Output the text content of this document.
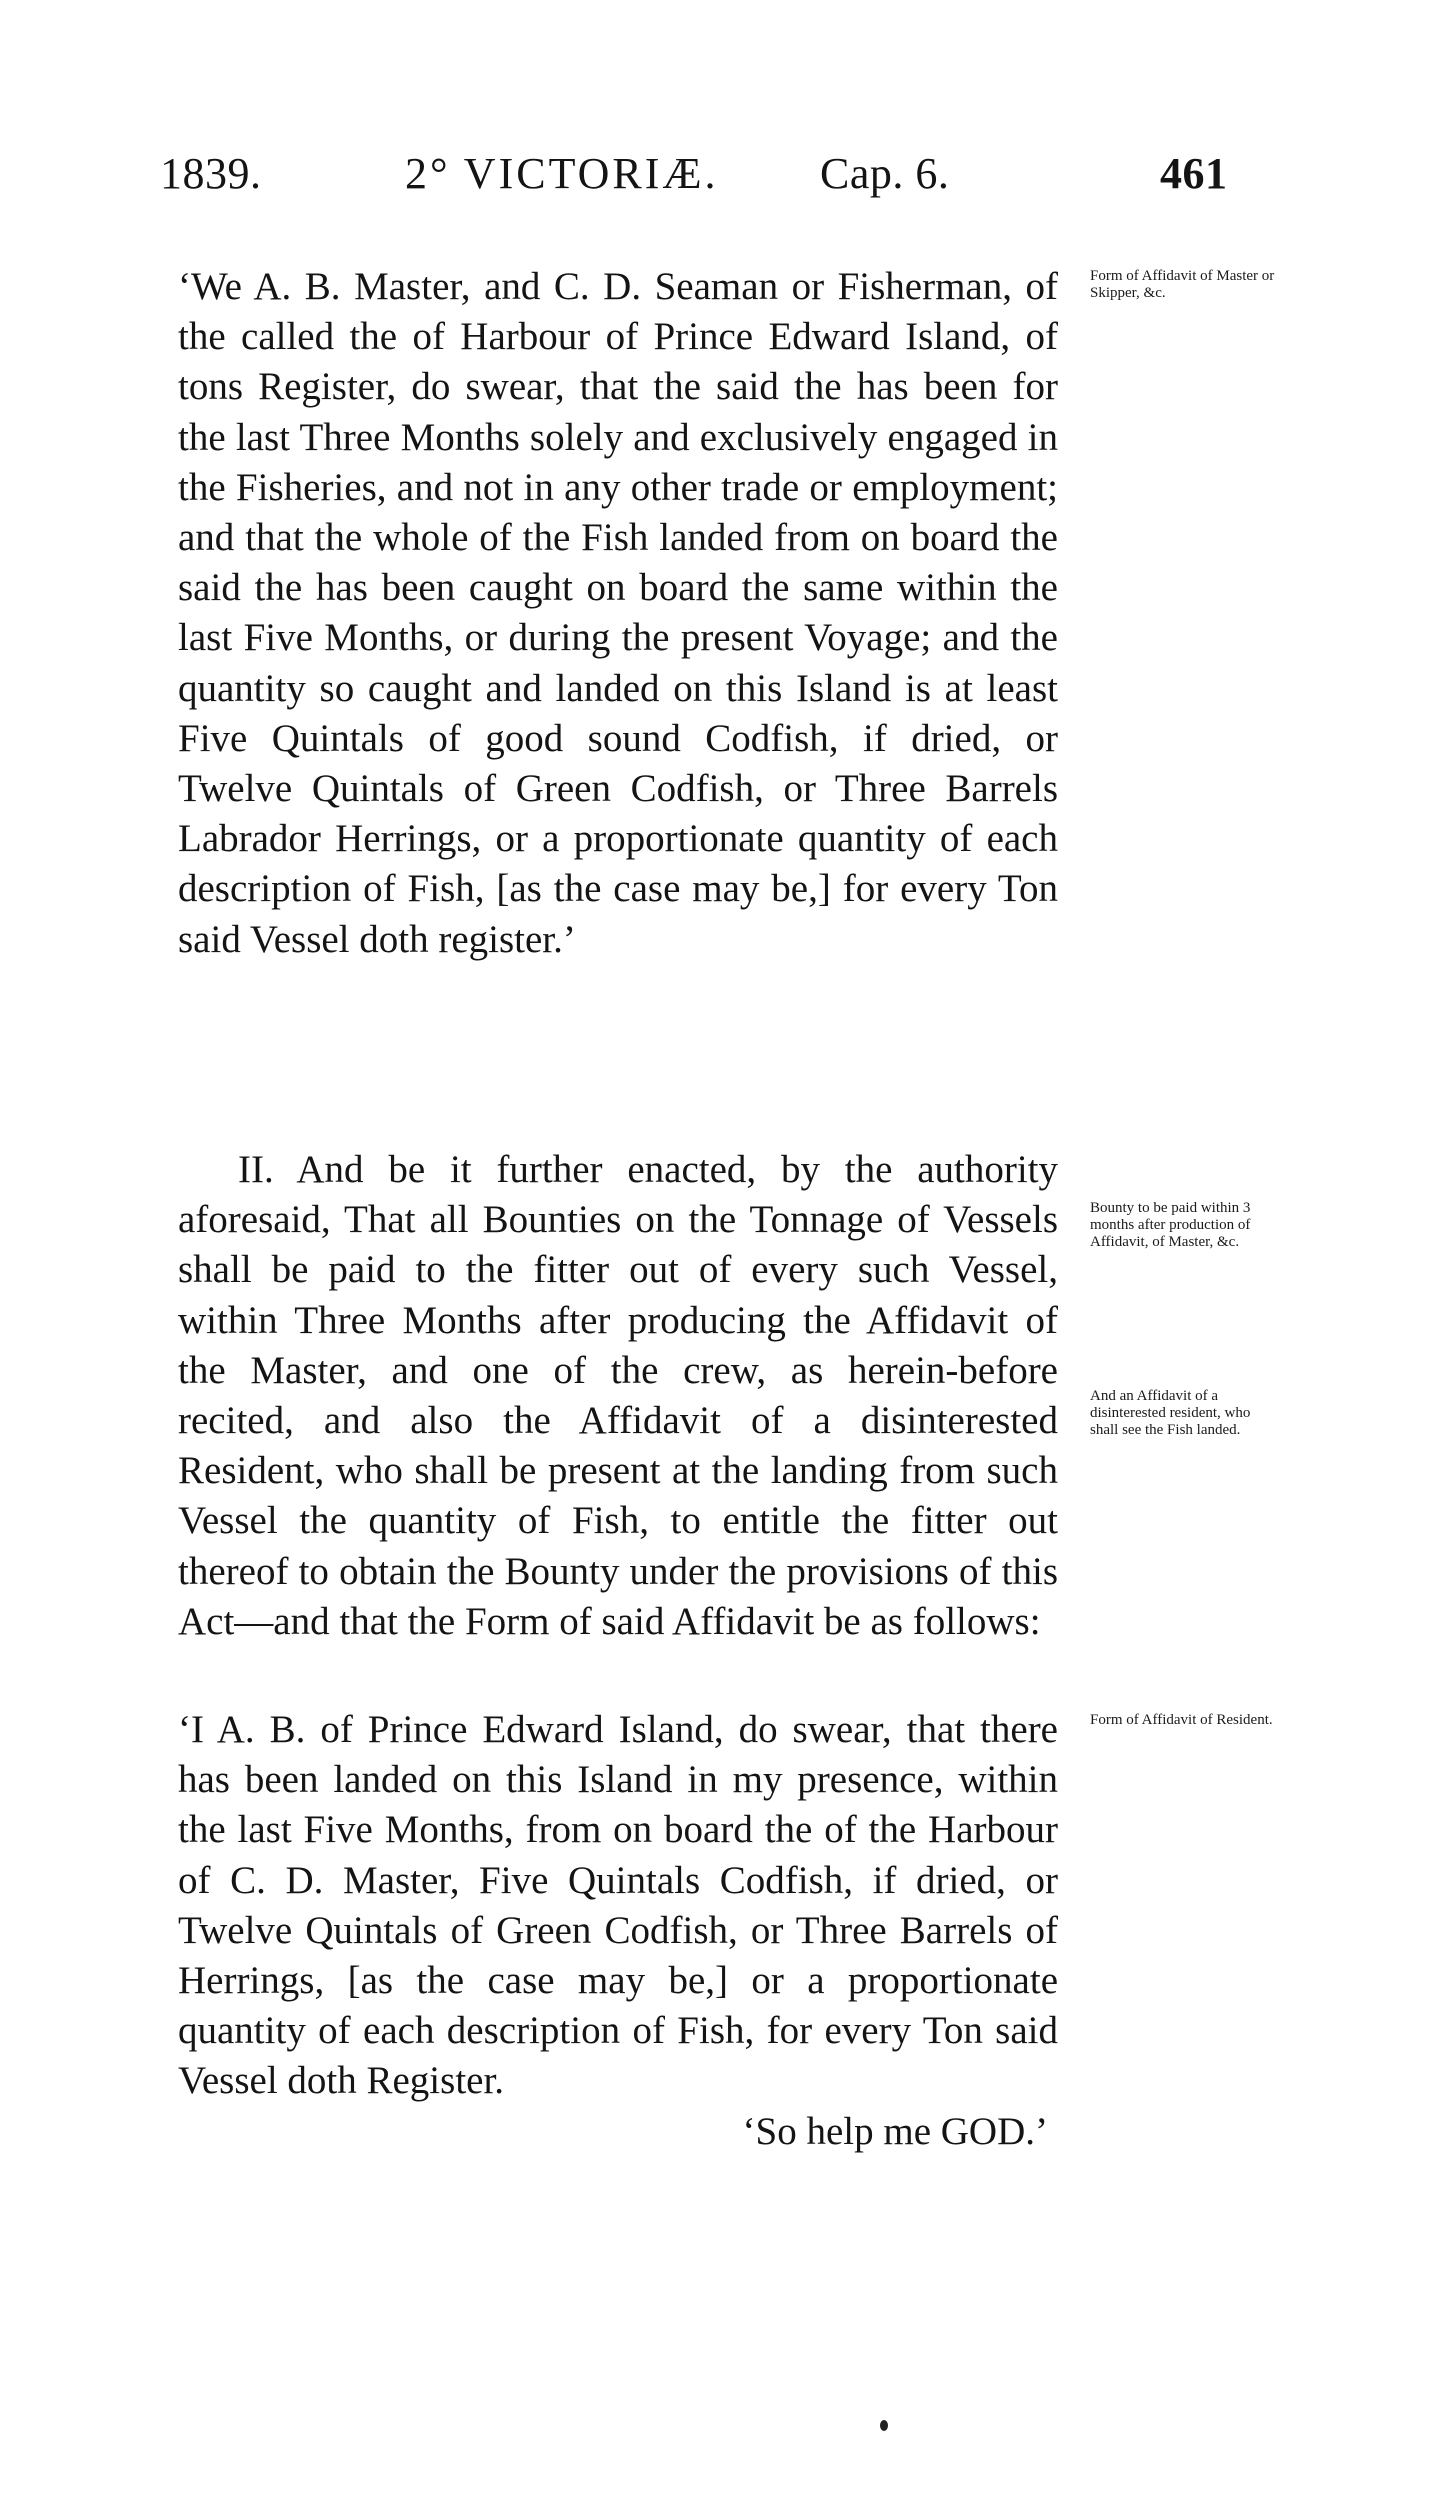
1839.	2° VICTORIÆ. Cap. 6.	461

‘We A. B. Master, and C. D. Seaman or Fisherman, of the called the of Harbour of Prince Edward Island, of tons Register, do swear, that the said the has been for the last Three Months solely and exclusively engaged in the Fisheries, and not in any other trade or employment; and that the whole of the Fish landed from on board the said the has been caught on board the same within the last Five Months, or during the present Voyage; and the quantity so caught and landed on this Island is at least Five Quintals of good sound Codfish, if dried, or Twelve Quintals of Green Codfish, or Three Barrels Labrador Herrings, or a proportionate quantity of each description of Fish, [as the case may be,] for every Ton said Vessel doth register.’

Form of Affidavit of Master or Skipper, &c.

II. And be it further enacted, by the authority aforesaid, That all Bounties on the Tonnage of Vessels shall be paid to the fitter out of every such Vessel, within Three Months after producing the Affidavit of the Master, and one of the crew, as herein-before recited, and also the Affidavit of a disinterested Resident, who shall be present at the landing from such Vessel the quantity of Fish, to entitle the fitter out thereof to obtain the Bounty under the provisions of this Act—and that the Form of said Affidavit be as follows:

Bounty to be paid within 3 months after production of Affidavit, of Master, &c.
And an Affidavit of a disinterested resident, who shall see the Fish landed.

‘I A. B. of Prince Edward Island, do swear, that there has been landed on this Island in my presence, within the last Five Months, from on board the of the Harbour of C. D. Master, Five Quintals Codfish, if dried, or Twelve Quintals of Green Codfish, or Three Barrels of Herrings, [as the case may be,] or a proportionate quantity of each description of Fish, for every Ton said Vessel doth Register.

‘So help me GOD.’

Form of Affidavit of Resident.
